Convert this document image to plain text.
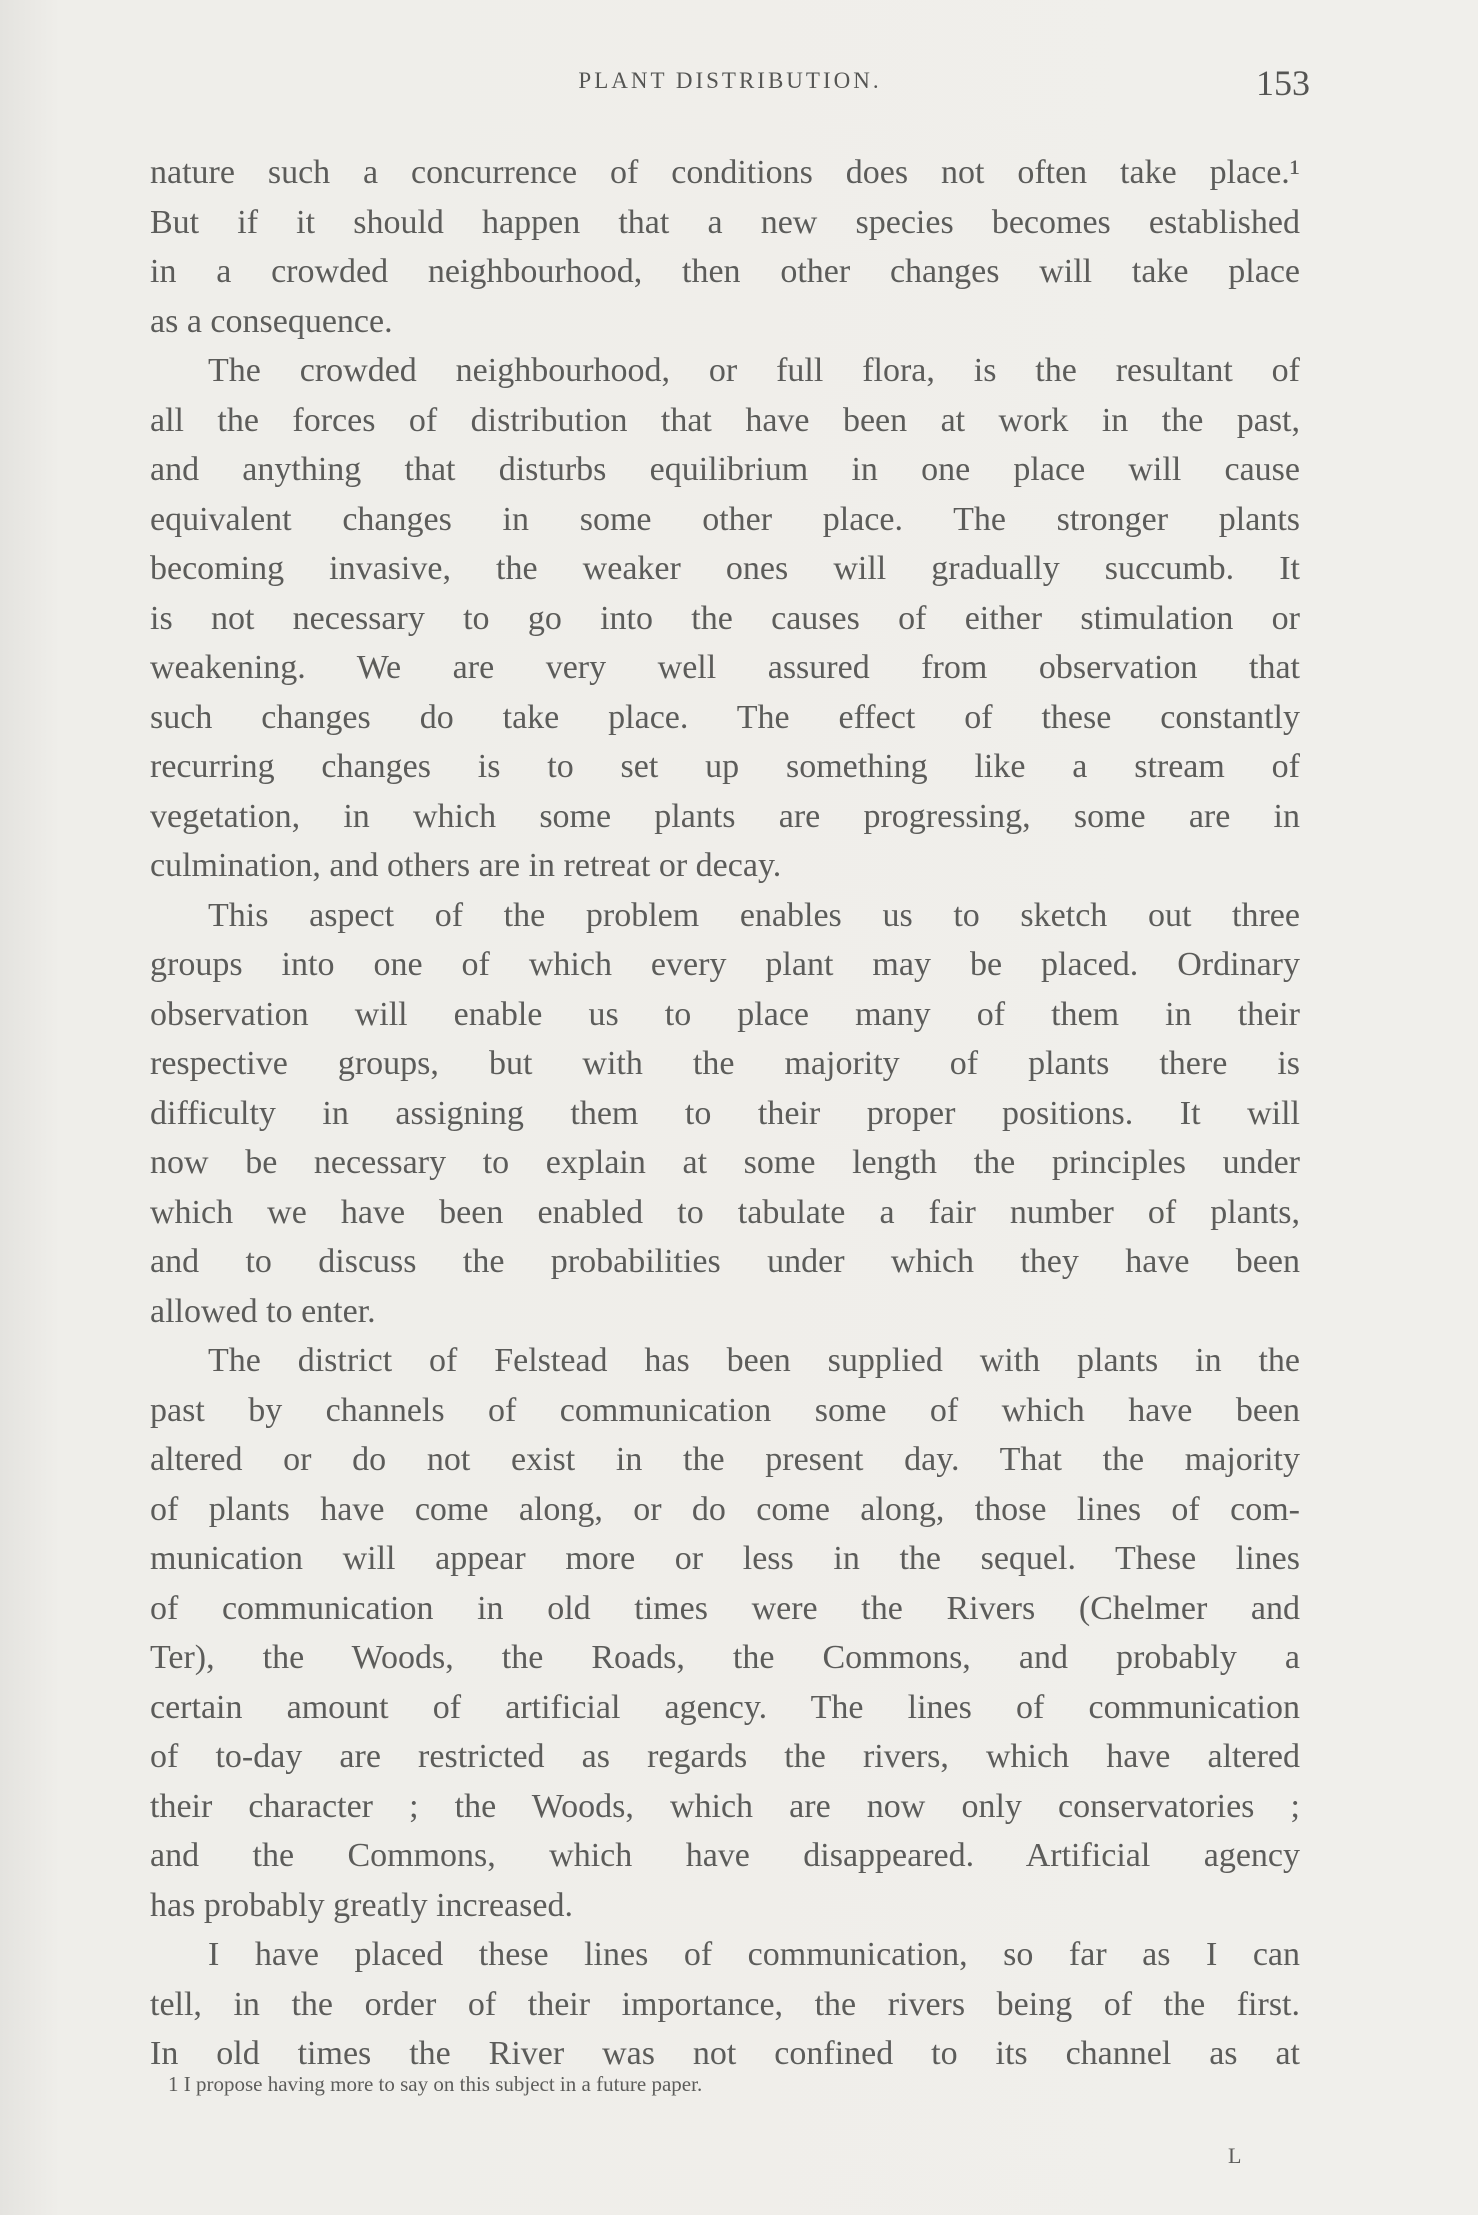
PLANT DISTRIBUTION.	153
nature such a concurrence of conditions does not often take place.¹
But if it should happen that a new species becomes established
in a crowded neighbourhood, then other changes will take place
as a consequence.
The crowded neighbourhood, or full flora, is the resultant of
all the forces of distribution that have been at work in the past,
and anything that disturbs equilibrium in one place will cause
equivalent changes in some other place. The stronger plants
becoming invasive, the weaker ones will gradually succumb. It
is not necessary to go into the causes of either stimulation or
weakening. We are very well assured from observation that
such changes do take place. The effect of these constantly
recurring changes is to set up something like a stream of
vegetation, in which some plants are progressing, some are in
culmination, and others are in retreat or decay.
This aspect of the problem enables us to sketch out three
groups into one of which every plant may be placed. Ordinary
observation will enable us to place many of them in their
respective groups, but with the majority of plants there is
difficulty in assigning them to their proper positions. It will
now be necessary to explain at some length the principles under
which we have been enabled to tabulate a fair number of plants,
and to discuss the probabilities under which they have been
allowed to enter.
The district of Felstead has been supplied with plants in the
past by channels of communication some of which have been
altered or do not exist in the present day. That the majority
of plants have come along, or do come along, those lines of com-
munication will appear more or less in the sequel. These lines
of communication in old times were the Rivers (Chelmer and
Ter), the Woods, the Roads, the Commons, and probably a
certain amount of artificial agency. The lines of communication
of to-day are restricted as regards the rivers, which have altered
their character ; the Woods, which are now only conservatories ;
and the Commons, which have disappeared. Artificial agency
has probably greatly increased.
I have placed these lines of communication, so far as I can
tell, in the order of their importance, the rivers being of the first.
In old times the River was not confined to its channel as at
1 I propose having more to say on this subject in a future paper.
L
